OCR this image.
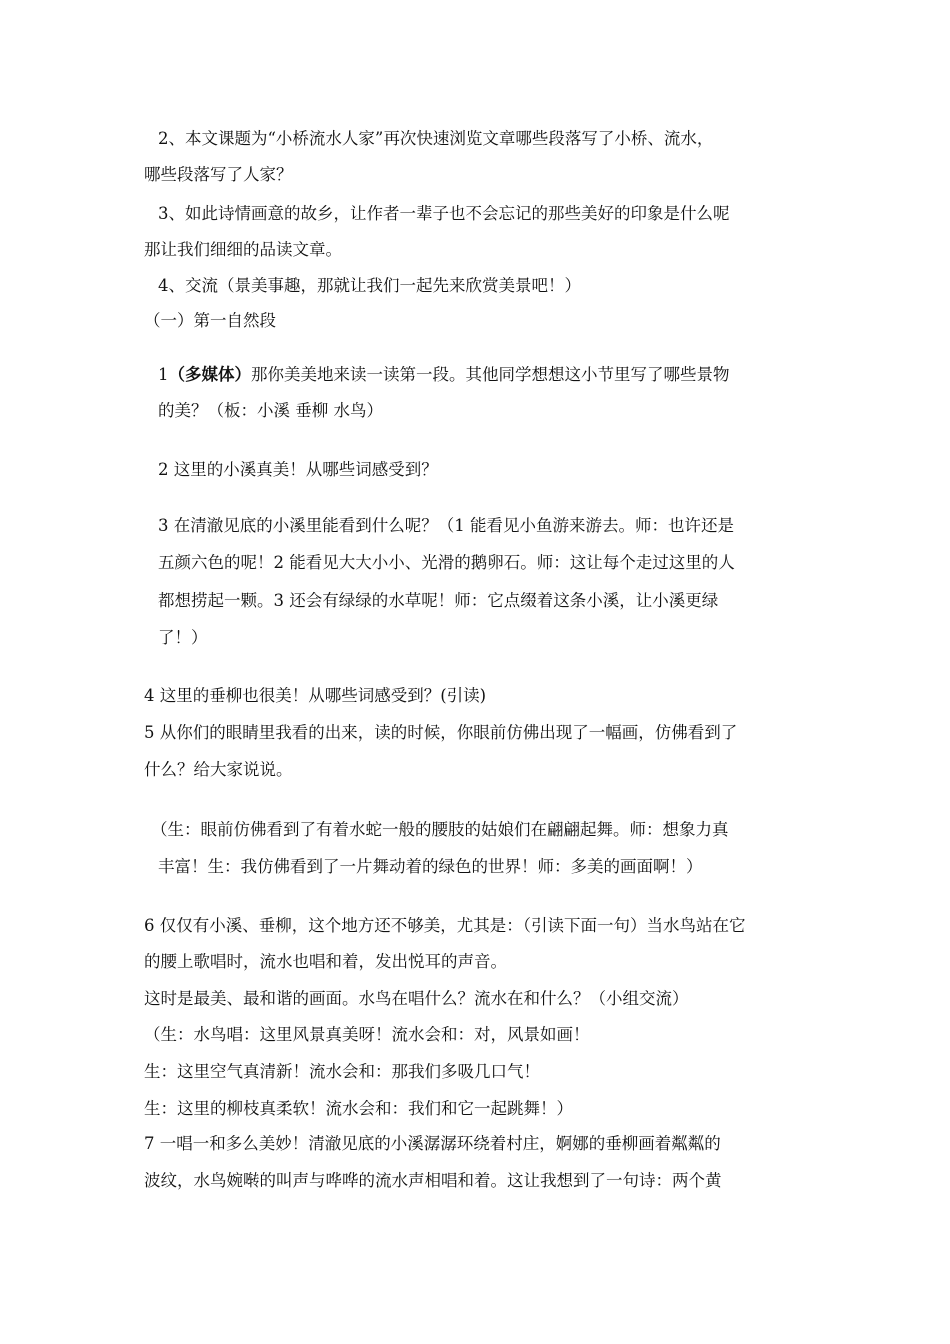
2、本文课题为“小桥流水人家”再次快速浏览文章哪些段落写了小桥、流水，
哪些段落写了人家？
3、如此诗情画意的故乡，让作者一辈子也不会忘记的那些美好的印象是什么呢
那让我们细细的品读文章。
4、交流（景美事趣，那就让我们一起先来欣赏美景吧！）
（一）第一自然段
1（多媒体）那你美美地来读一读第一段。其他同学想想这小节里写了哪些景物
的美？（板：小溪 垂柳 水鸟）
2 这里的小溪真美！从哪些词感受到？
3 在清澈见底的小溪里能看到什么呢？（1 能看见小鱼游来游去。师：也许还是
五颜六色的呢！2 能看见大大小小、光滑的鹅卵石。师：这让每个走过这里的人
都想捞起一颗。3 还会有绿绿的水草呢！师：它点缀着这条小溪，让小溪更绿
了！）
4 这里的垂柳也很美！从哪些词感受到？(引读)
5 从你们的眼睛里我看的出来，读的时候，你眼前仿佛出现了一幅画，仿佛看到了
什么？给大家说说。
（生：眼前仿佛看到了有着水蛇一般的腰肢的姑娘们在翩翩起舞。师：想象力真
丰富！生：我仿佛看到了一片舞动着的绿色的世界！师：多美的画面啊！）
6 仅仅有小溪、垂柳，这个地方还不够美，尤其是：（引读下面一句）当水鸟站在它
的腰上歌唱时，流水也唱和着，发出悦耳的声音。
这时是最美、最和谐的画面。水鸟在唱什么？流水在和什么？（小组交流）
（生：水鸟唱：这里风景真美呀！流水会和：对，风景如画！
生：这里空气真清新！流水会和：那我们多吸几口气！
生：这里的柳枝真柔软！流水会和：我们和它一起跳舞！）
7 一唱一和多么美妙！清澈见底的小溪潺潺环绕着村庄，婀娜的垂柳画着粼粼的
波纹，水鸟婉啭的叫声与哗哗的流水声相唱和着。这让我想到了一句诗：两个黄
